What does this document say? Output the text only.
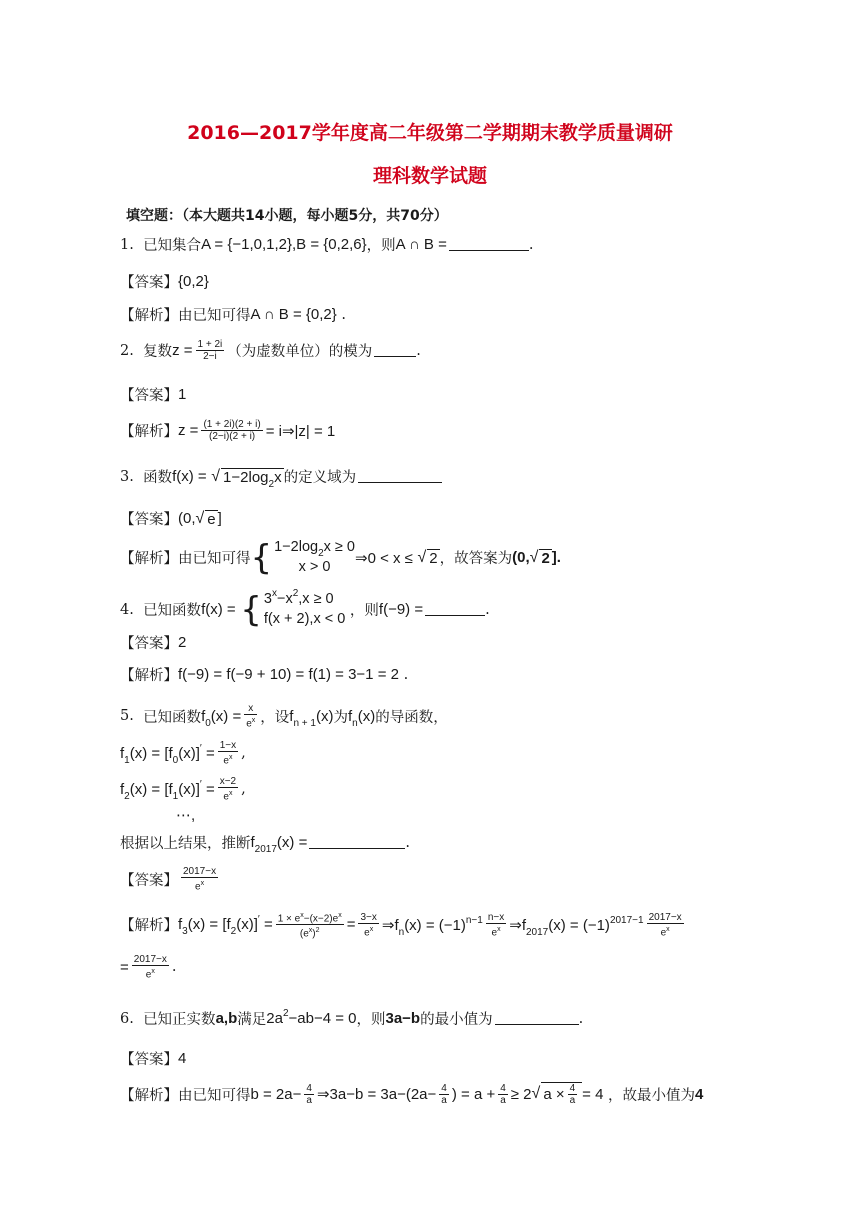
2016—2017学年度高二年级第二学期期末教学质量调研
理科数学试题
填空题：（本大题共14小题，每小题5分，共70分）
1.
已知集合 A = {−1,0,1,2},B = {0,2,6} ，则 A ∩ B =	.
【答案】 {0,2}
【解析】 由已知可得 A ∩ B = {0,2}
.
2.
复数 $z = \frac{1 + 2i}{2-i}$ （为虚数单位）的模为	.
【答案】 1
【解析】 $z = \frac{(1 + 2i)(2 + i)}{(2-i)(2 + i)}$ = i⇒|z| = 1
3.
函数 f(x) =
√ $1-2\log_2x$ 的定义域为
【答案】 (0, √ e ]
【解析】 由已知可得 { $1-2\log_2x \ge 0$
x > 0
⇒0 < x ≤
√ 2 ，故答案为 (0, √ 2 ].
4.
已知函数 f(x) =
{ $3^x-x^2,x \ge 0$
f(x + 2),x < 0
，则 f(−9) =	.
【答案】 2
【解析】 f(−9) = f(−9 + 10) = f(1) = 3−1 = 2
.
5.
已知函数 $f_0(x) = \frac{x}{e^x}$ ，设 $f_{n + 1}(x)$ 为 $f_n(x)$ 的导函数，
$f_1(x) = [f_0(x)]' = \frac{1-x}{e^x}$ ,
$f_2(x) = [f_1(x)]' = \frac{x-2}{e^x}$ ,
⋯,
根据以上结果，推断 $f_{2017}(x)$ =	.
【答案】 $\frac{2017-x}{e^x}$
【解析】 $f_3(x) = [f_2(x)]' = \frac{1 \times e^x-(x-2)e^x}{(e^x)^2} = \frac{3-x}{e^x}$ $\Rightarrow f_n(x) = (-1)^{n-1} \frac{n-x}{e^x}$ $\Rightarrow f_{2017}(x) = (-1)^{2017-1} \frac{2017-x}{e^x}$
= $\frac{2017-x}{e^x}$ .
6.
已知正实数 a,b 满足 $2a^2-ab-4 = 0$ ，则 3a−b 的最小值为	.
【答案】 4
【解析】 由已知可得 $b = 2a- \frac{4}{a}$ ⇒3a−b = $3a-(2a- \frac{4}{a}$ ) = $a + \frac{4}{a} \ge 2$ √ $a \times \frac{4}{a} = 4$
，故最小值为 4
